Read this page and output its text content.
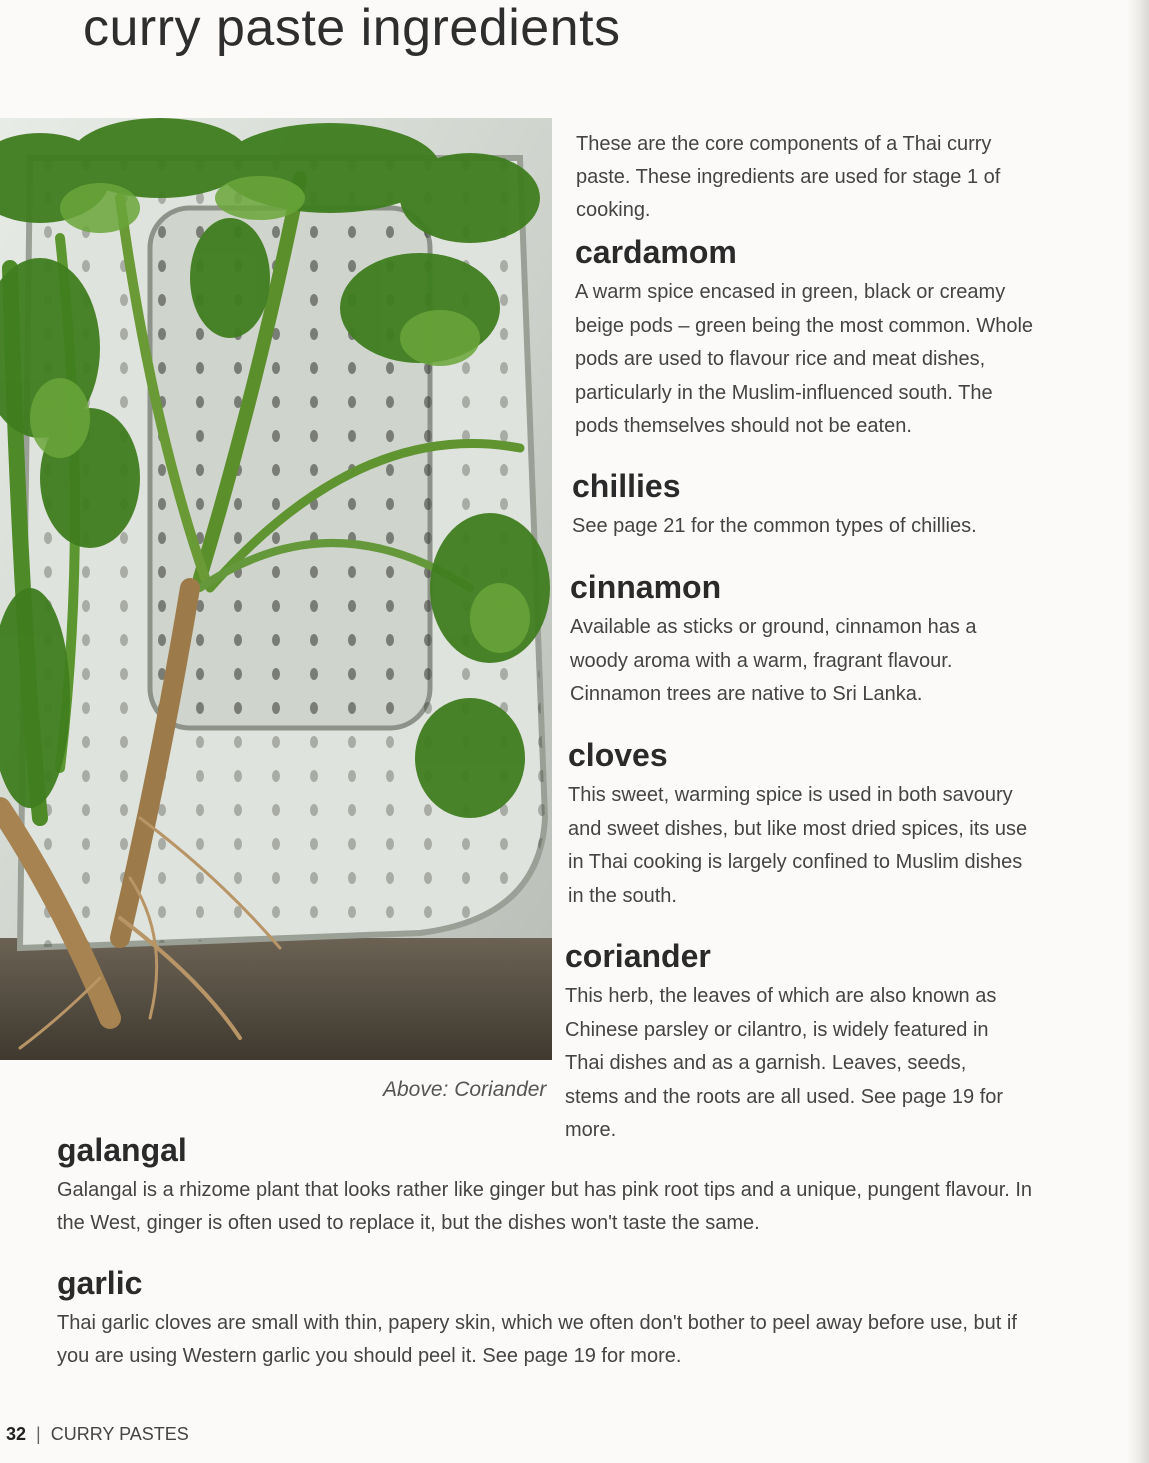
curry paste ingredients
Above: Coriander

These are the core components of a Thai curry paste. These ingredients are used for stage 1 of cooking.

cardamom

A warm spice encased in green, black or creamy beige pods – green being the most common. Whole pods are used to flavour rice and meat dishes, particularly in the Muslim-influenced south. The pods themselves should not be eaten.

chillies

See page 21 for the common types of chillies.

cinnamon

Available as sticks or ground, cinnamon has a woody aroma with a warm, fragrant flavour. Cinnamon trees are native to Sri Lanka.

cloves

This sweet, warming spice is used in both savoury and sweet dishes, but like most dried spices, its use in Thai cooking is largely confined to Muslim dishes in the south.

coriander

This herb, the leaves of which are also known as Chinese parsley or cilantro, is widely featured in Thai dishes and as a garnish. Leaves, seeds, stems and the roots are all used. See page 19 for more.

galangal

Galangal is a rhizome plant that looks rather like ginger but has pink root tips and a unique, pungent flavour. In the West, ginger is often used to replace it, but the dishes won't taste the same.

garlic

Thai garlic cloves are small with thin, papery skin, which we often don't bother to peel away before use, but if you are using Western garlic you should peel it. See page 19 for more.

32 | CURRY PASTES
